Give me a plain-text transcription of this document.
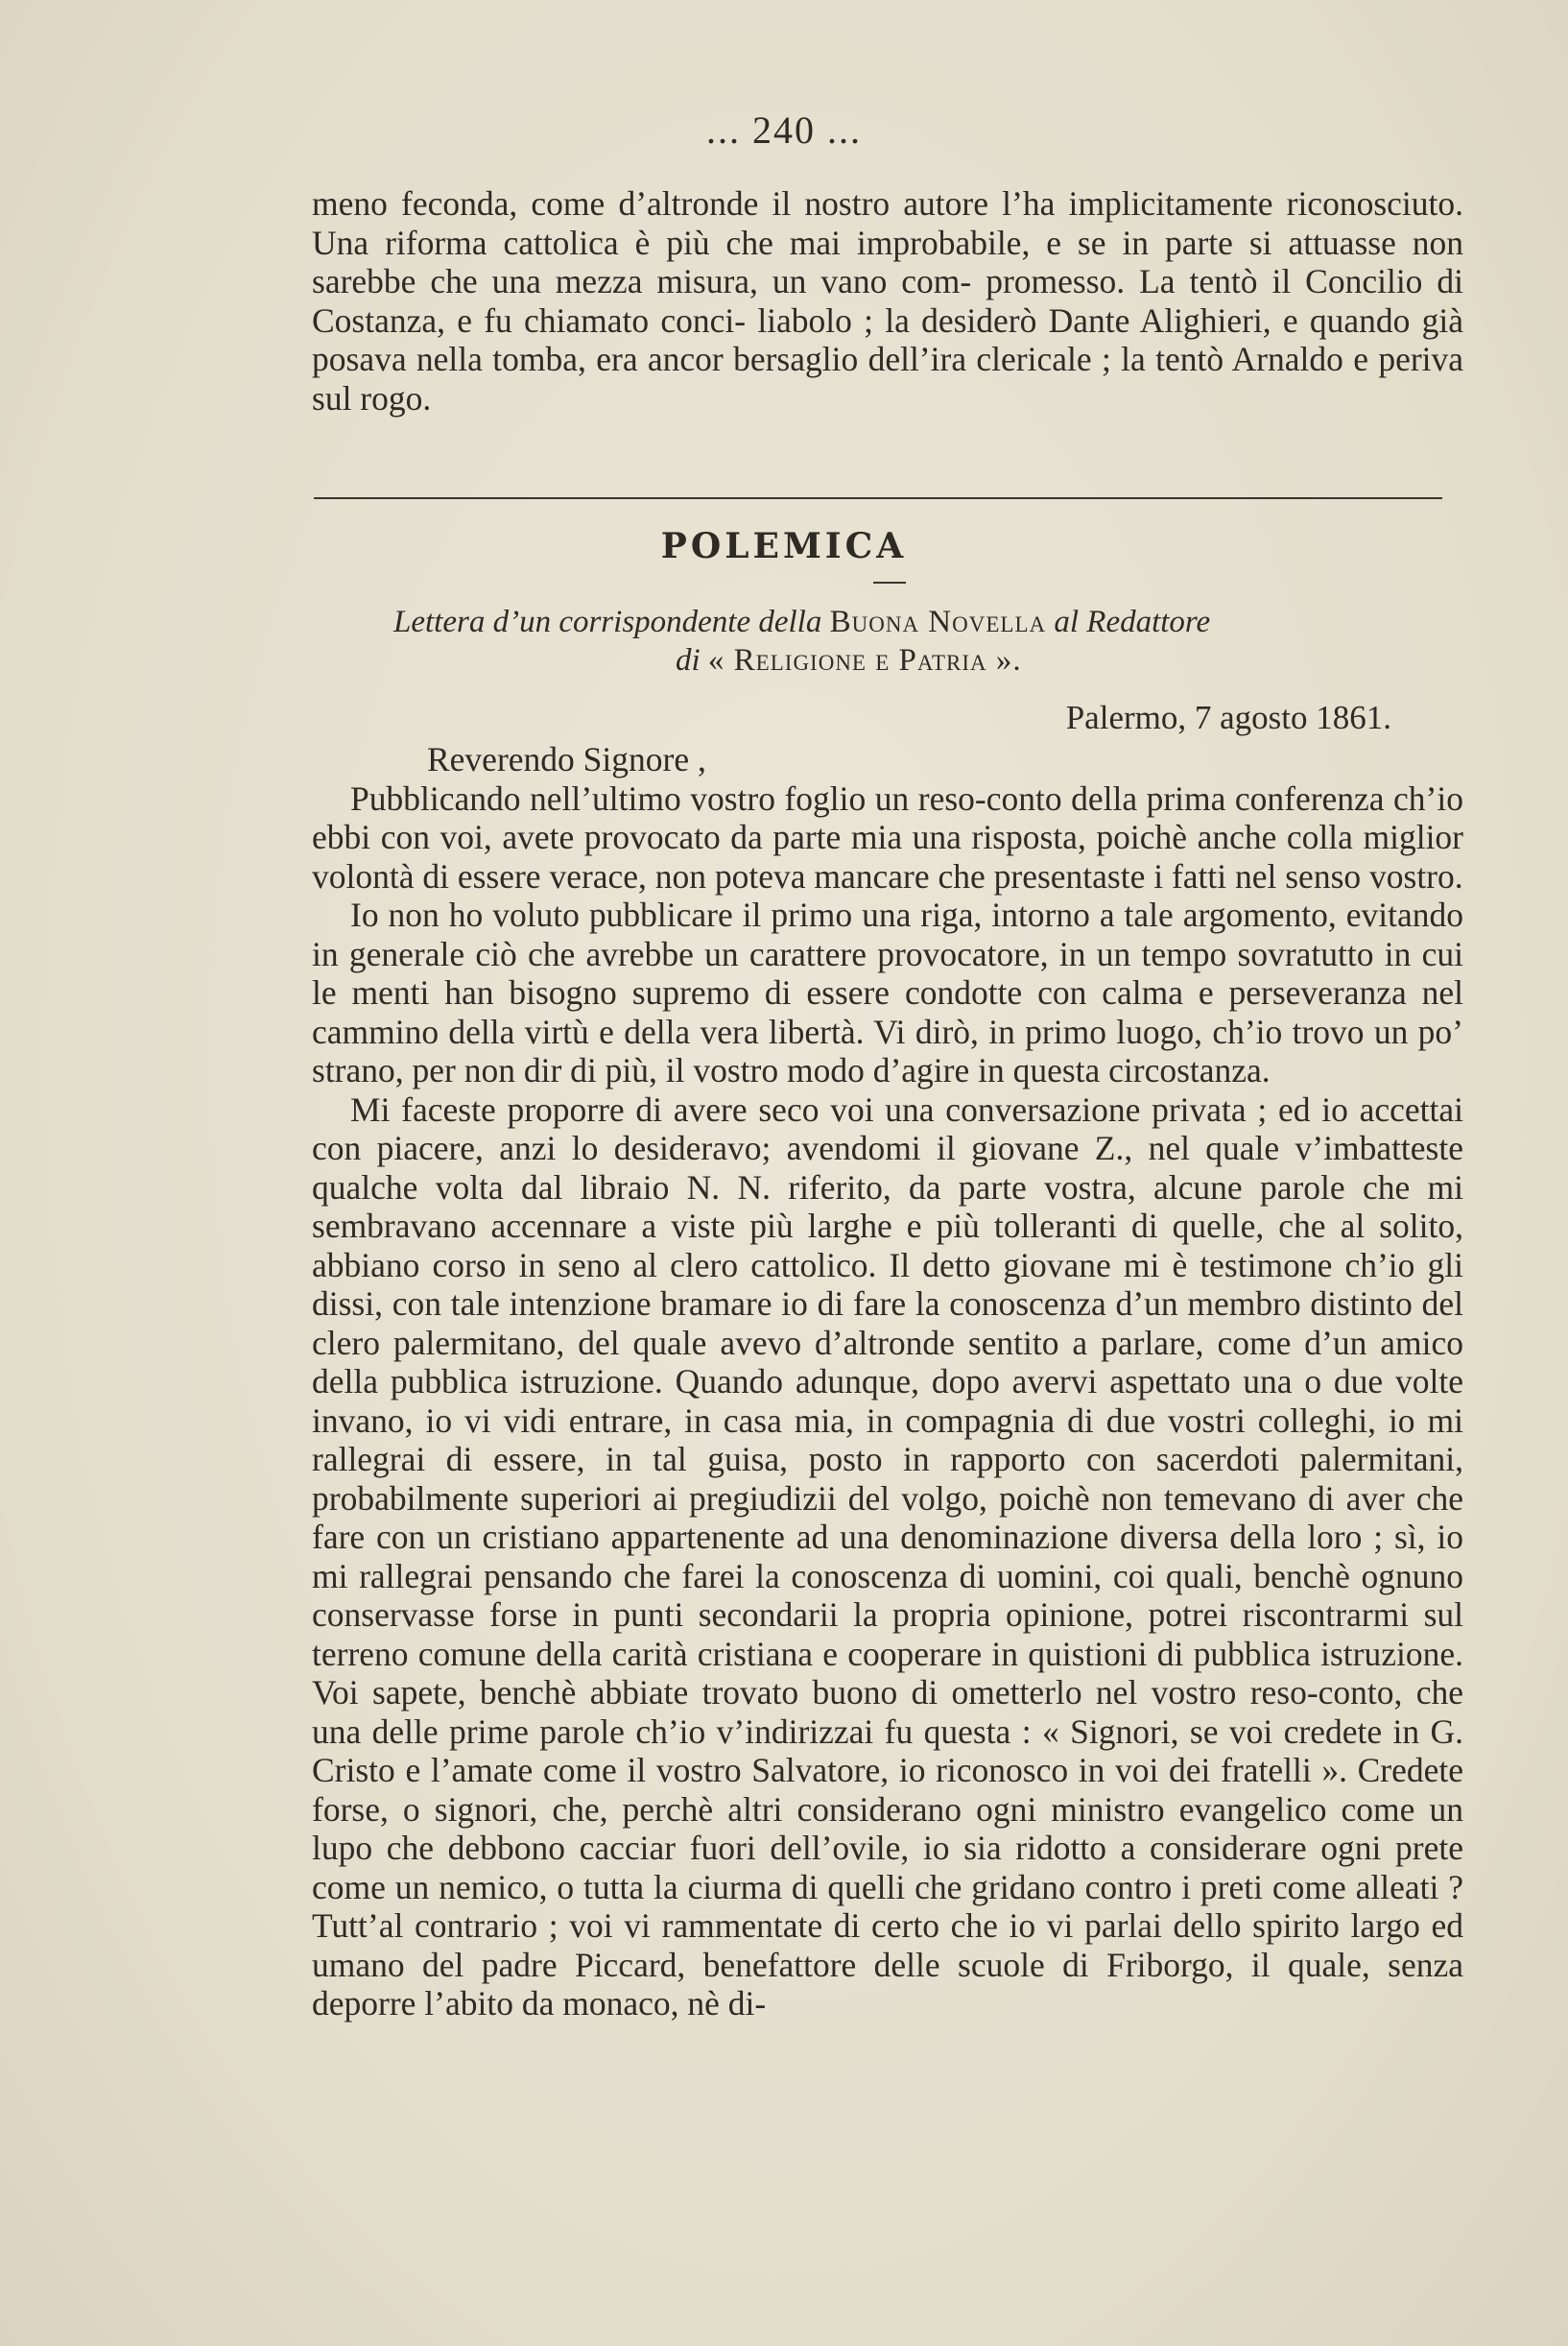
... 240 ...

meno feconda, come d’altronde il nostro autore l’ha implicitamente riconosciuto. Una riforma cattolica è più che mai improbabile, e se in parte si attuasse non sarebbe che una mezza misura, un vano com- promesso. La tentò il Concilio di Costanza, e fu chiamato conci- liabolo ; la desiderò Dante Alighieri, e quando già posava nella tomba, era ancor bersaglio dell’ira clericale ; la tentò Arnaldo e periva sul rogo.

POLEMICA
Lettera d’un corrispondente della Buona Novella al Redattore
di « Religione e Patria ».
Palermo, 7 agosto 1861.

Reverendo Signore ,

Pubblicando nell’ultimo vostro foglio un reso-conto della prima conferenza ch’io ebbi con voi, avete provocato da parte mia una risposta, poichè anche colla miglior volontà di essere verace, non poteva mancare che presentaste i fatti nel senso vostro.

Io non ho voluto pubblicare il primo una riga, intorno a tale argomento, evitando in generale ciò che avrebbe un carattere provocatore, in un tempo sovratutto in cui le menti han bisogno supremo di essere condotte con calma e perseveranza nel cammino della virtù e della vera libertà. Vi dirò, in primo luogo, ch’io trovo un po’ strano, per non dir di più, il vostro modo d’agire in questa circostanza.

Mi faceste proporre di avere seco voi una conversazione privata ; ed io accettai con piacere, anzi lo desideravo; avendomi il giovane Z., nel quale v’imbatteste qualche volta dal libraio N. N. riferito, da parte vostra, alcune parole che mi sembravano accennare a viste più larghe e più tolleranti di quelle, che al solito, abbiano corso in seno al clero cattolico. Il detto giovane mi è testimone ch’io gli dissi, con tale intenzione bramare io di fare la conoscenza d’un membro distinto del clero palermitano, del quale avevo d’altronde sentito a parlare, come d’un amico della pubblica istruzione. Quando adunque, dopo avervi aspettato una o due volte invano, io vi vidi entrare, in casa mia, in compagnia di due vostri colleghi, io mi rallegrai di essere, in tal guisa, posto in rapporto con sacerdoti palermitani, probabilmente superiori ai pregiudizii del volgo, poichè non temevano di aver che fare con un cristiano appartenente ad una denominazione diversa della loro ; sì, io mi rallegrai pensando che farei la conoscenza di uomini, coi quali, benchè ognuno conservasse forse in punti secondarii la propria opinione, potrei riscontrarmi sul terreno comune della carità cristiana e cooperare in quistioni di pubblica istruzione. Voi sapete, benchè abbiate trovato buono di ometterlo nel vostro reso-conto, che una delle prime parole ch’io v’indirizzai fu questa : « Signori, se voi credete in G. Cristo e l’amate come il vostro Salvatore, io riconosco in voi dei fratelli ». Credete forse, o signori, che, perchè altri considerano ogni ministro evangelico come un lupo che debbono cacciar fuori dell’ovile, io sia ridotto a considerare ogni prete come un nemico, o tutta la ciurma di quelli che gridano contro i preti come alleati ? Tutt’al contrario ; voi vi rammentate di certo che io vi parlai dello spirito largo ed umano del padre Piccard, benefattore delle scuole di Friborgo, il quale, senza deporre l’abito da monaco, nè di-
